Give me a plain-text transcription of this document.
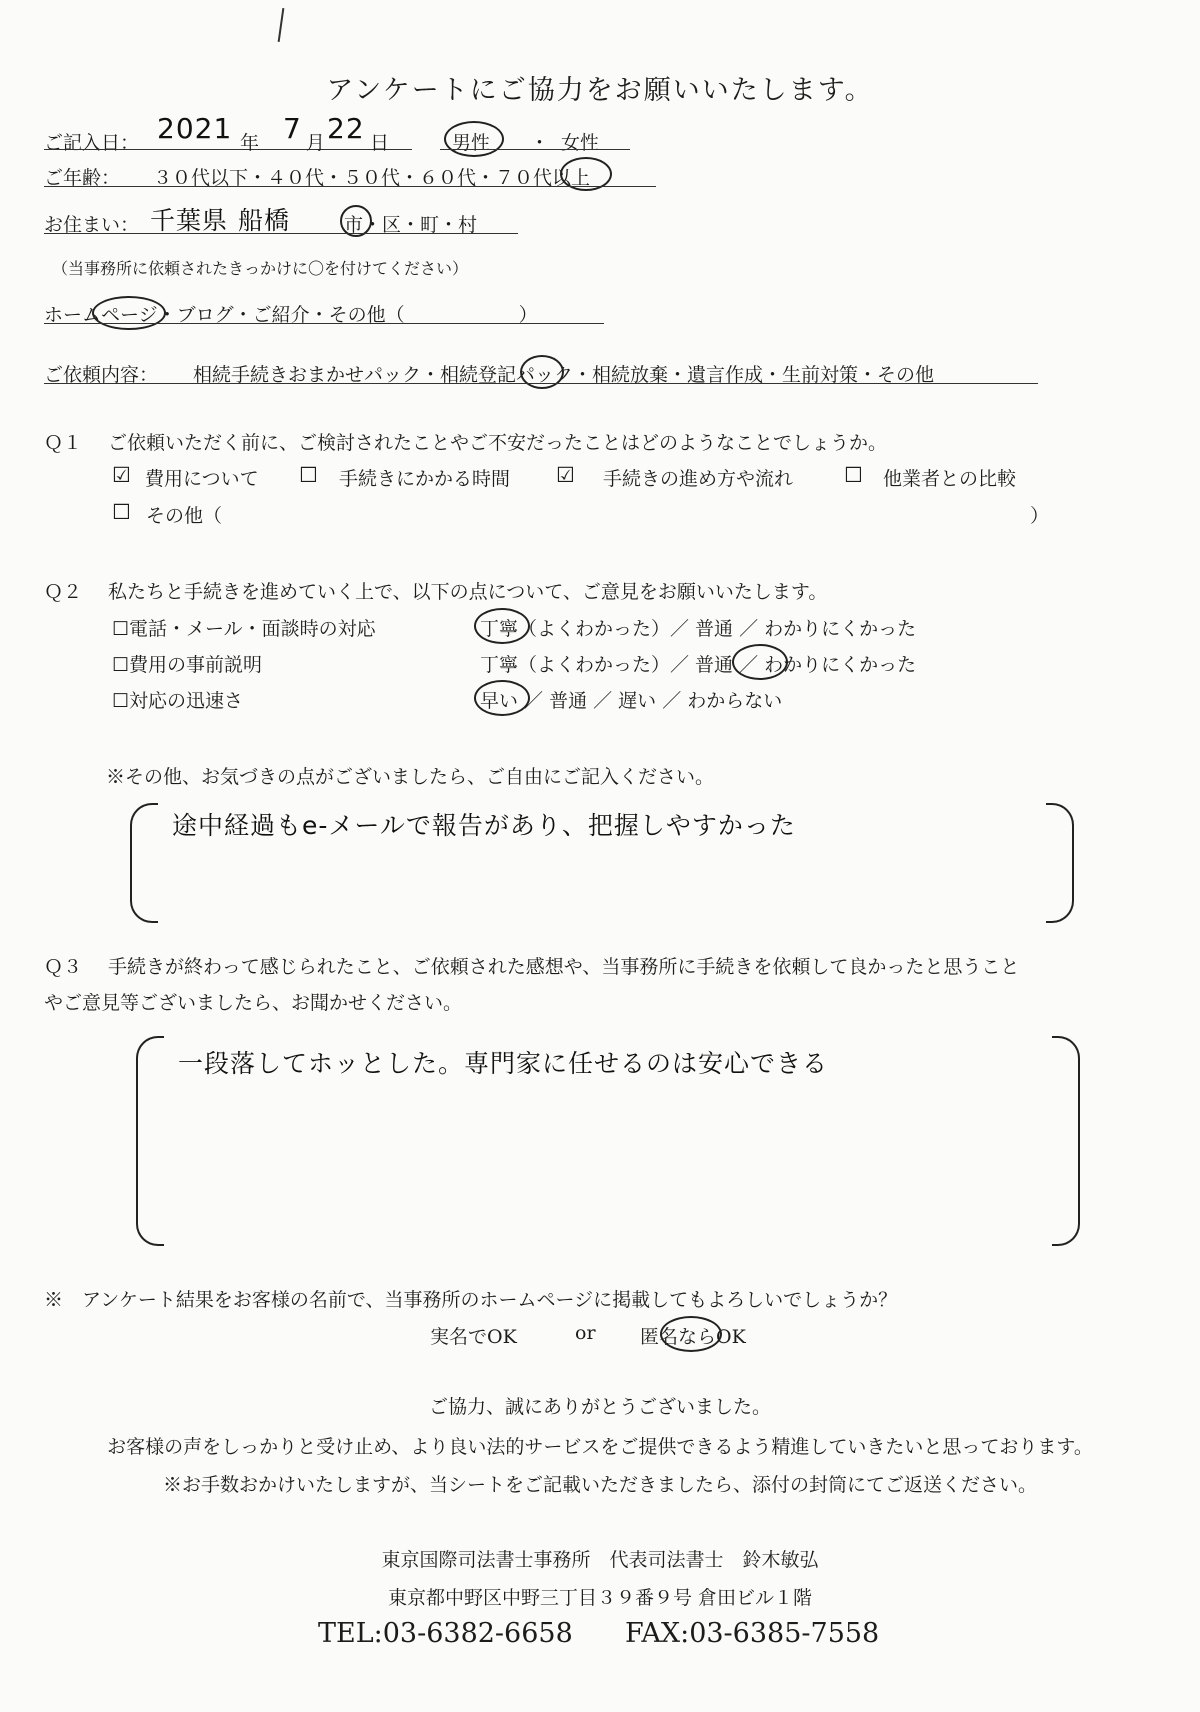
アンケートにご協力をお願いいたします。
ご記入日： 2021 年 7 月 22 日	男性 ・ 女性
ご年齢： ３０代以下・４０代・５０代・６０代・７０代以上
お住まい： 千葉県 船橋	市・区・町・村
（当事務所に依頼されたきっかけに〇を付けてください）
ホームページ・ブログ・ご紹介・その他（　　　　　　）
ご依頼内容： 相続手続きおまかせパック・相続登記パック・相続放棄・遺言作成・生前対策・その他
Ｑ１ ご依頼いただく前に、ご検討されたことやご不安だったことはどのようなことでしょうか。
☑ 費用について ☐ 手続きにかかる時間 ☑ 手続きの進め方や流れ ☐ 他業者との比較
☐ その他（	）
Ｑ２ 私たちと手続きを進めていく上で、以下の点について、ご意見をお願いいたします。
☐電話・メール・面談時の対応	丁寧（よくわかった）／ 普通 ／ わかりにくかった
☐費用の事前説明	丁寧（よくわかった）／ 普通 ／ わかりにくかった
☐対応の迅速さ	早い ／ 普通 ／ 遅い ／ わからない
※その他、お気づきの点がございましたら、ご自由にご記入ください。
途中経過もe-メールで報告があり、把握しやすかった
Ｑ３ 手続きが終わって感じられたこと、ご依頼された感想や、当事務所に手続きを依頼して良かったと思うこと
やご意見等ございましたら、お聞かせください。
一段落してホッとした。専門家に任せるのは安心できる
※　アンケート結果をお客様の名前で、当事務所のホームページに掲載してもよろしいでしょうか？
実名でOK	or 匿名ならOK
ご協力、誠にありがとうございました。
お客様の声をしっかりと受け止め、より良い法的サービスをご提供できるよう精進していきたいと思っております。
※お手数おかけいたしますが、当シートをご記載いただきましたら、添付の封筒にてご返送ください。
東京国際司法書士事務所　代表司法書士　鈴木敏弘
東京都中野区中野三丁目３９番９号 倉田ビル１階
TEL:03-6382-6658 FAX:03-6385-7558
